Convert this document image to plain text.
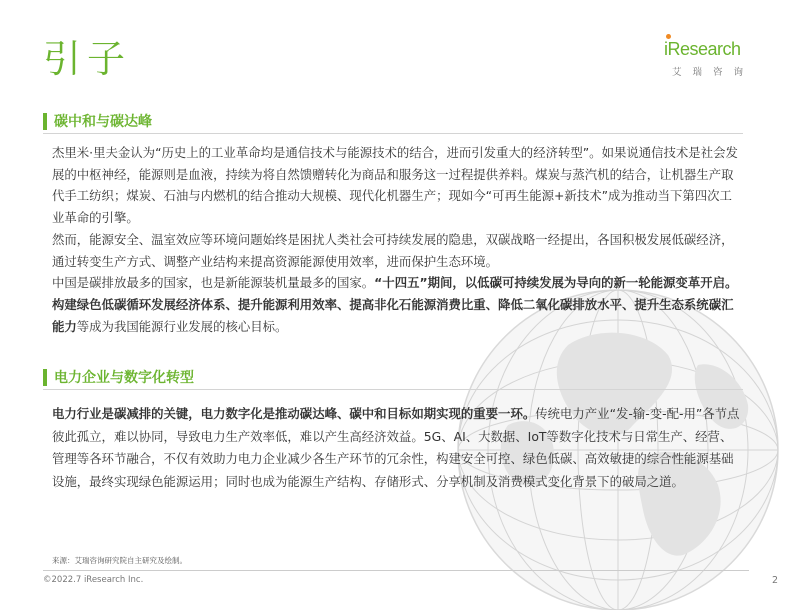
引子	iResearch
艾瑞咨询
碳中和与碳达峰

杰里米·里夫金认为“历史上的工业革命均是通信技术与能源技术的结合，进而引发重大的经济转型”。如果说通信技术是社会发展的中枢神经，能源则是血液，持续为将自然馈赠转化为商品和服务这一过程提供养料。煤炭与蒸汽机的结合，让机器生产取代手工纺织；煤炭、石油与内燃机的结合推动大规模、现代化机器生产；现如今“可再生能源+新技术”成为推动当下第四次工业革命的引擎。

然而，能源安全、温室效应等环境问题始终是困扰人类社会可持续发展的隐患，双碳战略一经提出，各国积极发展低碳经济，通过转变生产方式、调整产业结构来提高资源能源使用效率，进而保护生态环境。

中国是碳排放最多的国家，也是新能源装机量最多的国家。“十四五”期间，以低碳可持续发展为导向的新一轮能源变革开启。构建绿色低碳循环发展经济体系、提升能源利用效率、提高非化石能源消费比重、降低二氧化碳排放水平、提升生态系统碳汇能力等成为我国能源行业发展的核心目标。

电力企业与数字化转型

电力行业是碳减排的关键，电力数字化是推动碳达峰、碳中和目标如期实现的重要一环。传统电力产业“发-输-变-配-用”各节点彼此孤立，难以协同，导致电力生产效率低，难以产生高经济效益。5G、AI、大数据、IoT等数字化技术与日常生产、经营、管理等各环节融合，不仅有效助力电力企业减少各生产环节的冗余性，构建安全可控、绿色低碳、高效敏捷的综合性能源基础设施，最终实现绿色能源运用；同时也成为能源生产结构、存储形式、分享机制及消费模式变化背景下的破局之道。

来源：艾瑞咨询研究院自主研究及绘制。
©2022.7 iResearch Inc.	2
